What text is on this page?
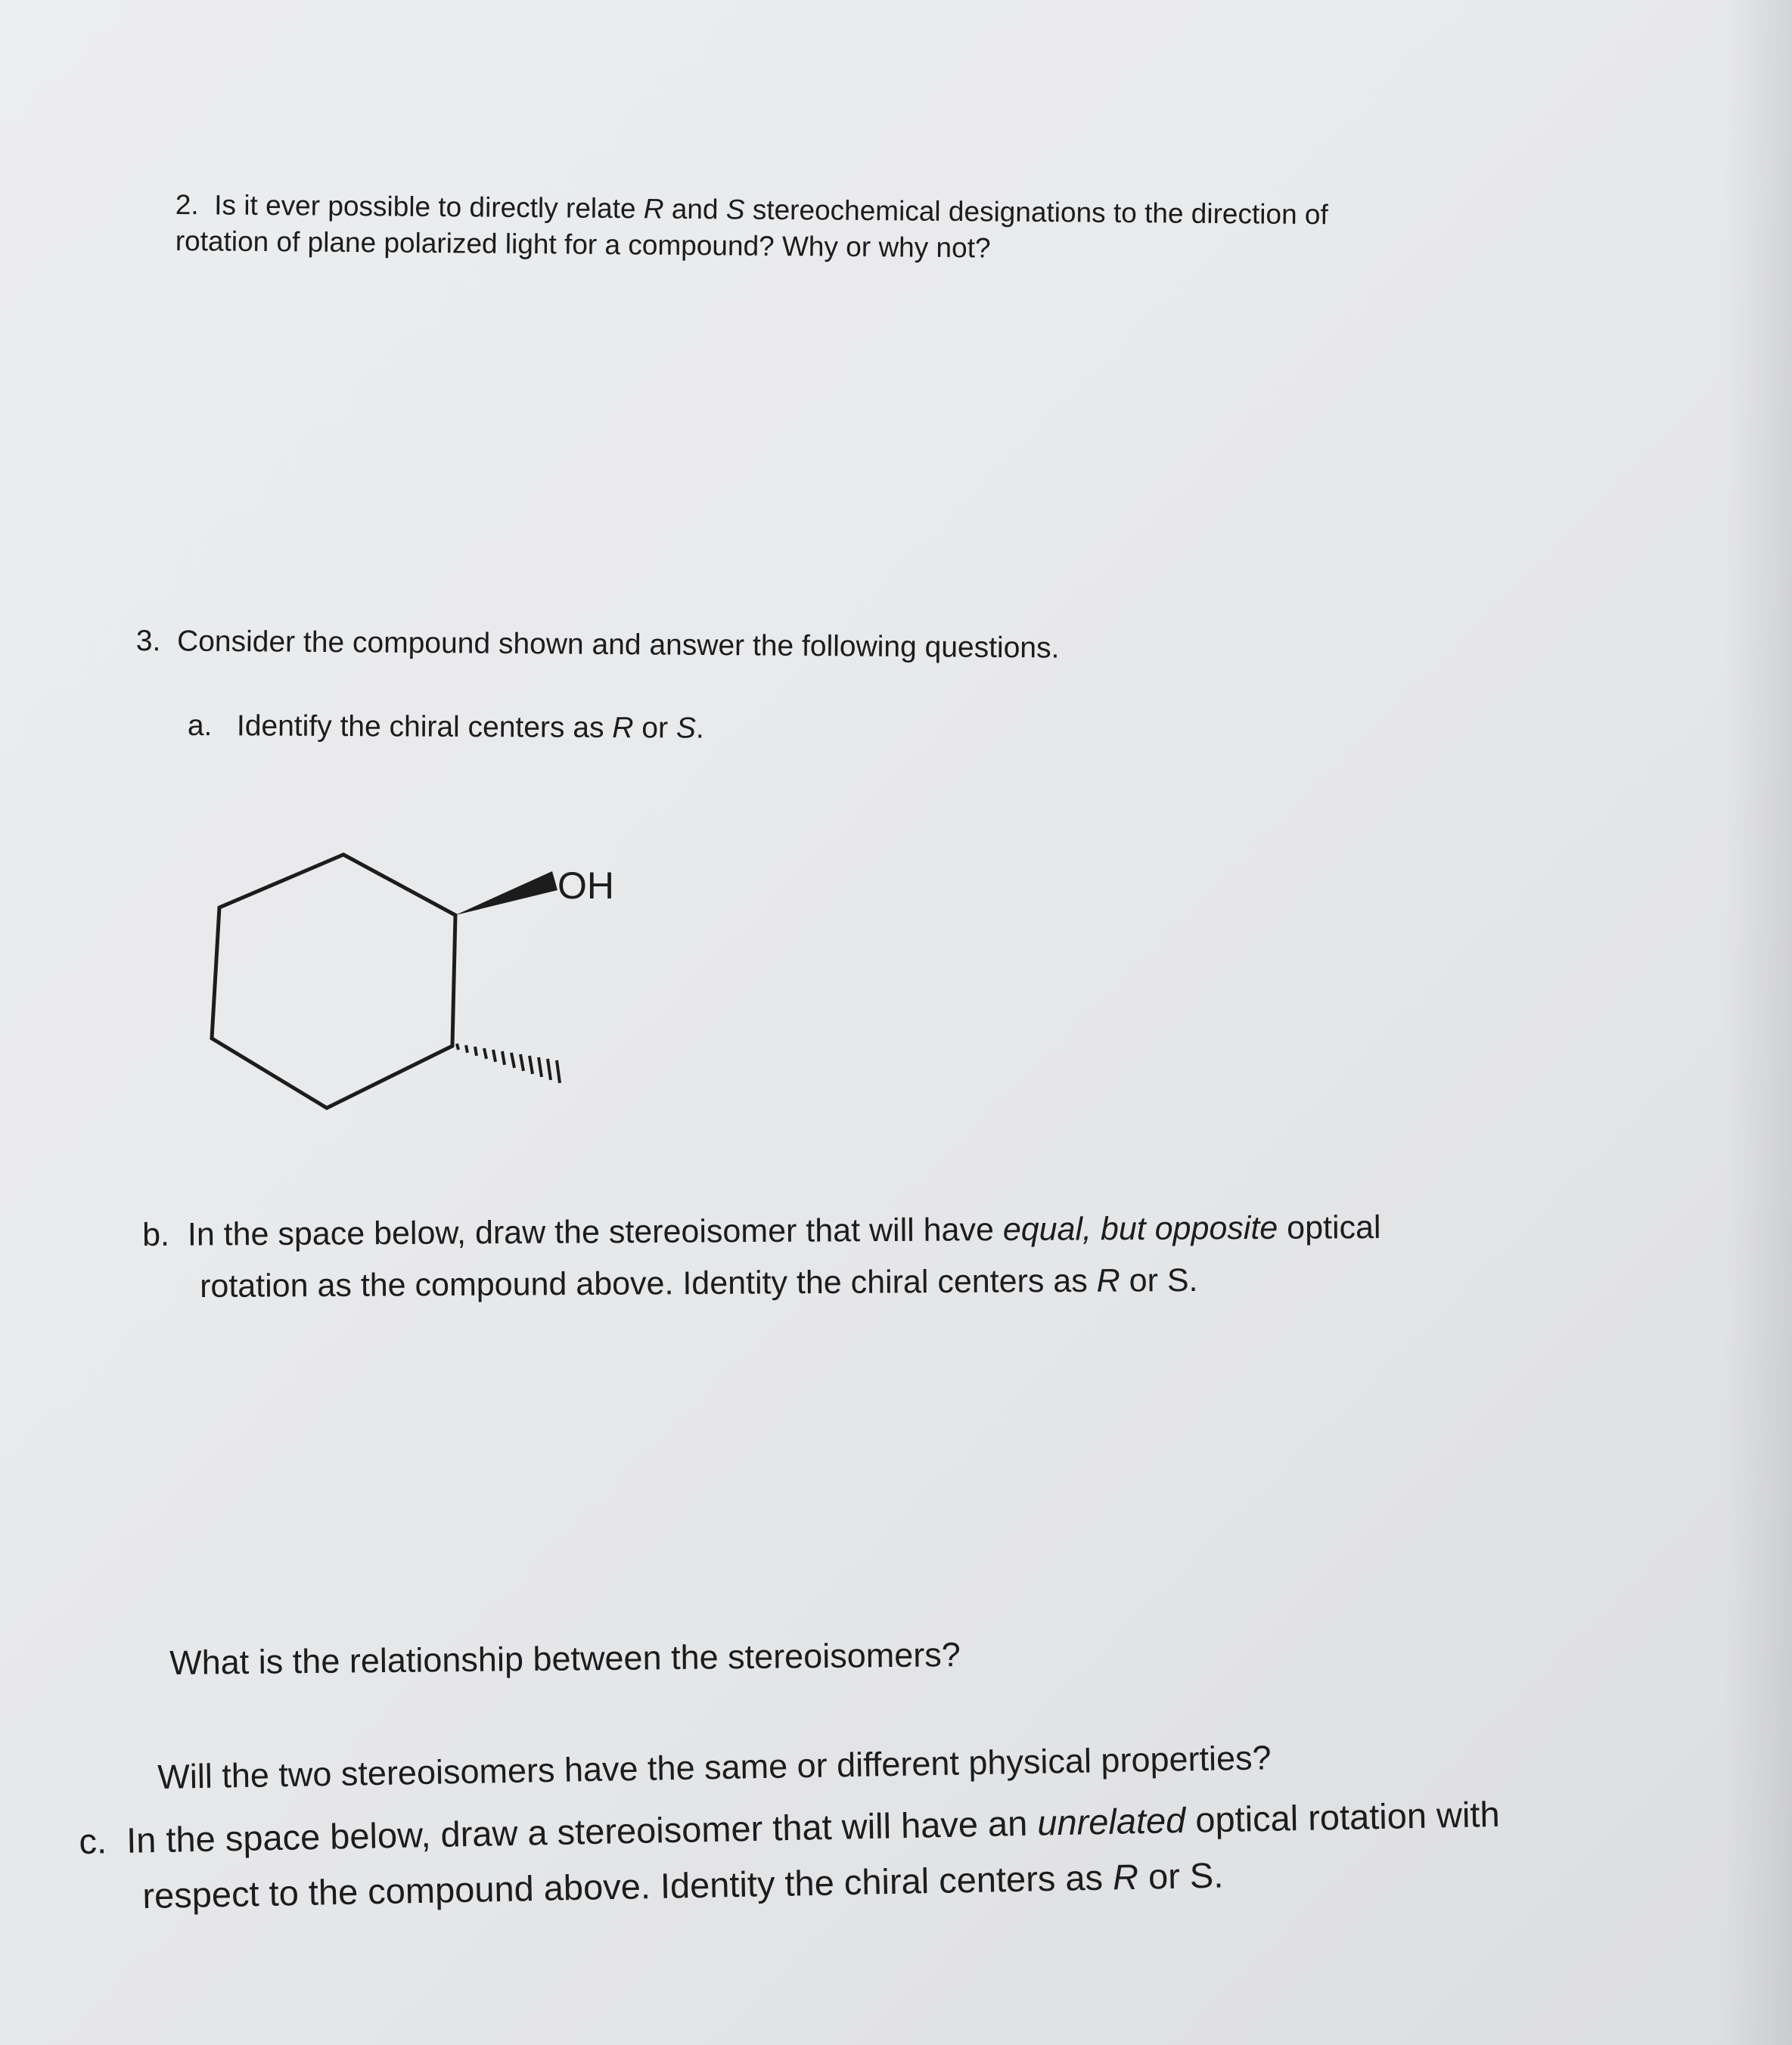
2. Is it ever possible to directly relate R and S stereochemical designations to the direction of
rotation of plane polarized light for a compound? Why or why not?
3. Consider the compound shown and answer the following questions.
a. Identify the chiral centers as R or S.
OH
b. In the space below, draw the stereoisomer that will have equal, but opposite optical
rotation as the compound above. Identity the chiral centers as R or S.
What is the relationship between the stereoisomers?
Will the two stereoisomers have the same or different physical properties?
c. In the space below, draw a stereoisomer that will have an unrelated optical rotation with
respect to the compound above. Identity the chiral centers as R or S.
